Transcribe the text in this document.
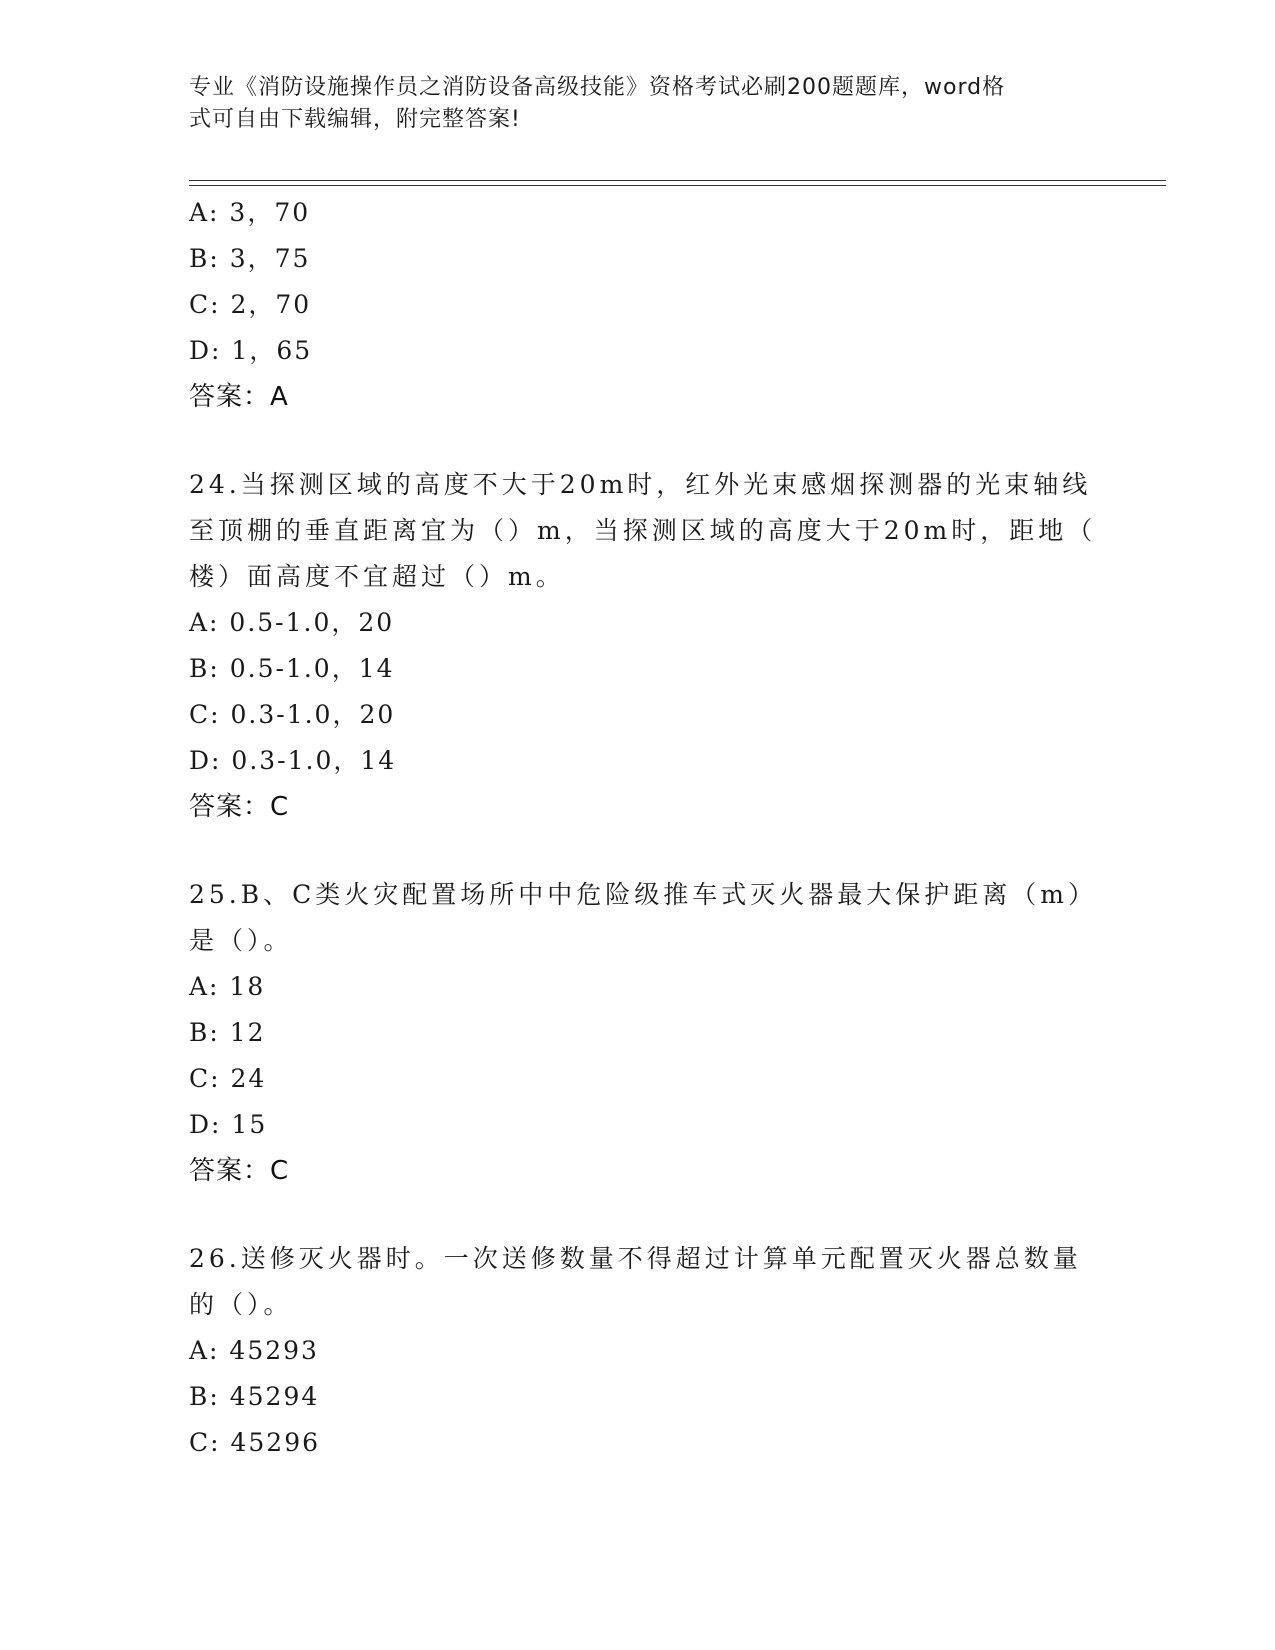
专业《消防设施操作员之消防设备高级技能》资格考试必刷200题题库，word格
式可自由下载编辑，附完整答案!
A: 3，70
B: 3，75
C: 2，70
D: 1，65
答案：A
24.当探测区域的高度不大于20m时，红外光束感烟探测器的光束轴线
至顶棚的垂直距离宜为（）m，当探测区域的高度大于20m时，距地（
楼）面高度不宜超过（）m。
A: 0.5-1.0，20
B: 0.5-1.0，14
C: 0.3-1.0，20
D: 0.3-1.0，14
答案：C
25.B、C类火灾配置场所中中危险级推车式灭火器最大保护距离（m）
是（）。
A: 18
B: 12
C: 24
D: 15
答案：C
26.送修灭火器时。一次送修数量不得超过计算单元配置灭火器总数量
的（）。
A: 45293
B: 45294
C: 45296
